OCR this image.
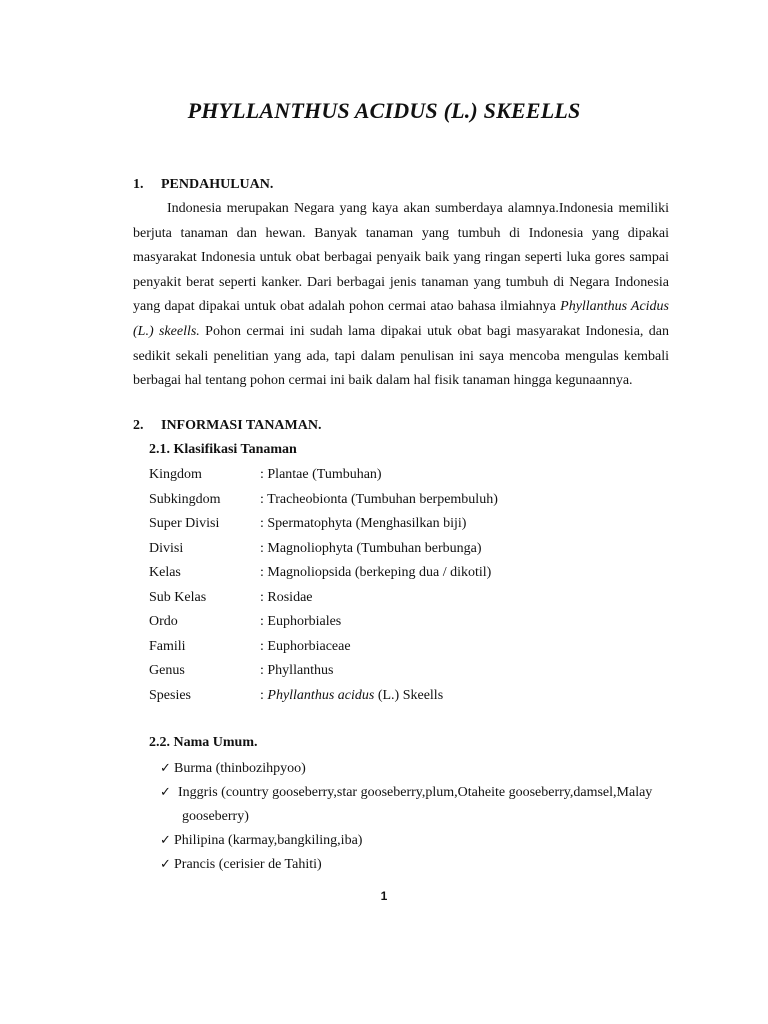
PHYLLANTHUS ACIDUS (L.) SKEELLS
1. PENDAHULUAN.
Indonesia merupakan Negara yang kaya akan sumberdaya alamnya.Indonesia memiliki berjuta tanaman dan hewan. Banyak tanaman yang tumbuh di Indonesia yang dipakai masyarakat Indonesia untuk obat berbagai penyaik baik yang ringan seperti luka gores sampai penyakit berat seperti kanker. Dari berbagai jenis tanaman yang tumbuh di Negara Indonesia yang dapat dipakai untuk obat adalah pohon cermai atao bahasa ilmiahnya Phyllanthus Acidus (L.) skeells. Pohon cermai ini sudah lama dipakai utuk obat bagi masyarakat Indonesia, dan sedikit sekali penelitian yang ada, tapi dalam penulisan ini saya mencoba mengulas kembali berbagai hal tentang pohon cermai ini baik dalam hal fisik tanaman hingga kegunaannya.
2. INFORMASI TANAMAN.
2.1. Klasifikasi Tanaman
Kingdom	: Plantae (Tumbuhan)
Subkingdom	: Tracheobionta (Tumbuhan berpembuluh)
Super Divisi	: Spermatophyta (Menghasilkan biji)
Divisi	: Magnoliophyta (Tumbuhan berbunga)
Kelas	: Magnoliopsida (berkeping dua / dikotil)
Sub Kelas	: Rosidae
Ordo	: Euphorbiales
Famili	: Euphorbiaceae
Genus	: Phyllanthus
Spesies	: Phyllanthus acidus (L.) Skeells
2.2. Nama Umum.
✓ Burma (thinbozihpyoo)
✓ Inggris (country gooseberry,star gooseberry,plum,Otaheite gooseberry,damsel,Malay
gooseberry)
✓ Philipina (karmay,bangkiling,iba)
✓ Prancis (cerisier de Tahiti)
1
